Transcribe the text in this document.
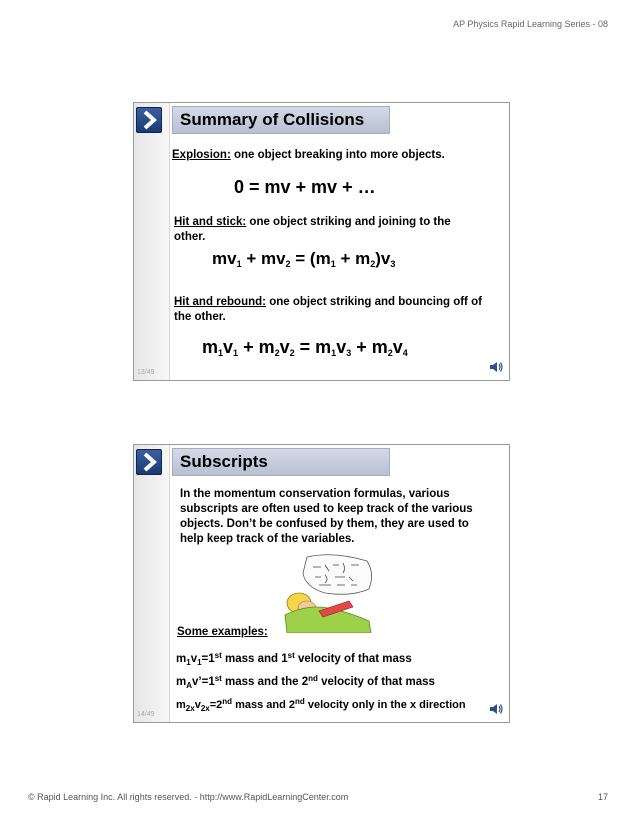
AP Physics Rapid Learning Series - 08
Summary of Collisions
Explosion: one object breaking into more objects.
0 = mv + mv + …
Hit and stick: one object striking and joining to the other.
$mv_1 + mv_2 = (m_1 + m_2)v_3$
Hit and rebound: one object striking and bouncing off of the other.
$m_1v_1 + m_2v_2 = m_1v_3 + m_2v_4$
13/49
Subscripts
In the momentum conservation formulas, various subscripts are often used to keep track of the various objects. Don’t be confused by them, they are used to help keep track of the variables.
Some examples:
$m_1v_1=1st$ mass and 1st velocity of that mass
$m_Av’=1st$ mass and the 2nd velocity of that mass
$m_{2x}v_{2x}=2nd$ mass and 2nd velocity only in the x direction
14/49
© Rapid Learning Inc. All rights reserved. - http://www.RapidLearningCenter.com	17
